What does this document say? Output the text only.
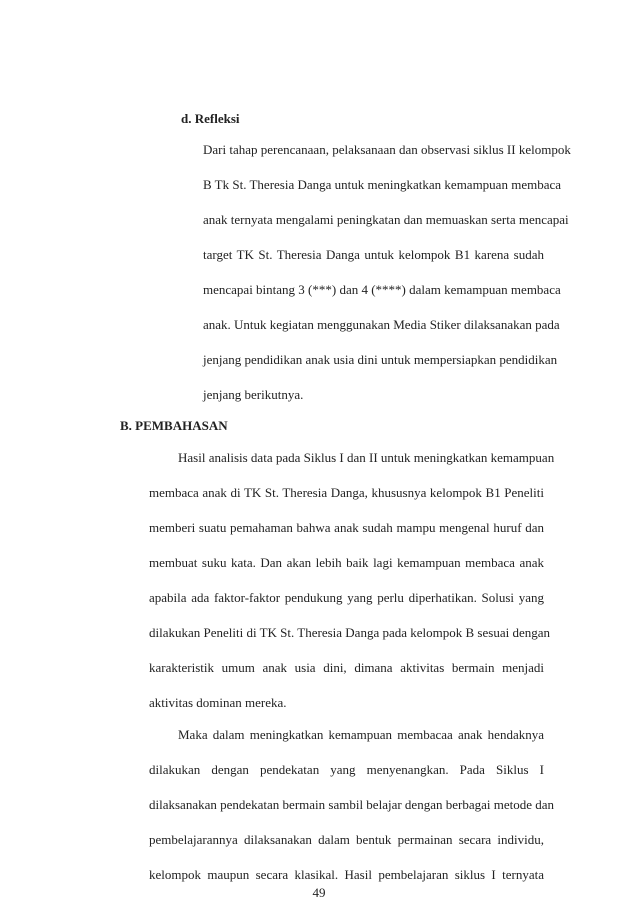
d. Refleksi
Dari tahap perencanaan, pelaksanaan dan observasi siklus II kelompok
B Tk St. Theresia Danga untuk meningkatkan kemampuan membaca
anak ternyata mengalami peningkatan dan memuaskan serta mencapai
target TK St. Theresia Danga untuk kelompok B1 karena sudah
mencapai bintang 3 (***) dan 4 (****) dalam kemampuan membaca
anak. Untuk kegiatan menggunakan Media Stiker dilaksanakan pada
jenjang pendidikan anak usia dini untuk mempersiapkan pendidikan
jenjang berikutnya.
B. PEMBAHASAN
Hasil analisis data pada Siklus I dan II untuk meningkatkan kemampuan
membaca anak di TK St. Theresia Danga, khususnya kelompok B1 Peneliti
memberi suatu pemahaman bahwa anak sudah mampu mengenal huruf dan
membuat suku kata. Dan akan lebih baik lagi kemampuan membaca anak
apabila ada faktor-faktor pendukung yang perlu diperhatikan. Solusi yang
dilakukan Peneliti di TK St. Theresia Danga pada kelompok B sesuai dengan
karakteristik umum anak usia dini, dimana aktivitas bermain menjadi
aktivitas dominan mereka.
Maka dalam meningkatkan kemampuan membacaa anak hendaknya
dilakukan dengan pendekatan yang menyenangkan. Pada Siklus I
dilaksanakan pendekatan bermain sambil belajar dengan berbagai metode dan
pembelajarannya dilaksanakan dalam bentuk permainan secara individu,
kelompok maupun secara klasikal. Hasil pembelajaran siklus I ternyata
49
